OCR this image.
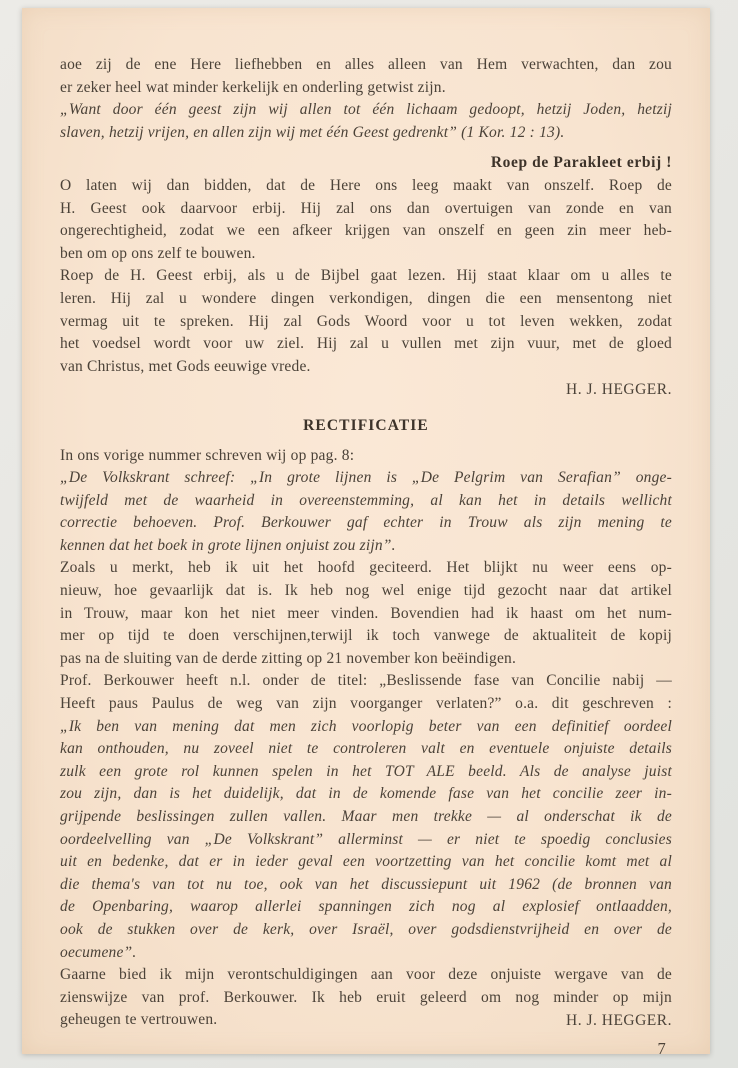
aoe zij de ene Here liefhebben en alles alleen van Hem verwachten, dan zou
er zeker heel wat minder kerkelijk en onderling getwist zijn.
„Want door één geest zijn wij allen tot één lichaam gedoopt, hetzij Joden, hetzij
slaven, hetzij vrijen, en allen zijn wij met één Geest gedrenkt” (1 Kor. 12 : 13).
Roep de Parakleet erbij !
O laten wij dan bidden, dat de Here ons leeg maakt van onszelf. Roep de
H. Geest ook daarvoor erbij. Hij zal ons dan overtuigen van zonde en van
ongerechtigheid, zodat we een afkeer krijgen van onszelf en geen zin meer heb-
ben om op ons zelf te bouwen.
Roep de H. Geest erbij, als u de Bijbel gaat lezen. Hij staat klaar om u alles te
leren. Hij zal u wondere dingen verkondigen, dingen die een mensentong niet
vermag uit te spreken. Hij zal Gods Woord voor u tot leven wekken, zodat
het voedsel wordt voor uw ziel. Hij zal u vullen met zijn vuur, met de gloed
van Christus, met Gods eeuwige vrede.
H. J. HEGGER.
RECTIFICATIE
In ons vorige nummer schreven wij op pag. 8:
„De Volkskrant schreef: „In grote lijnen is „De Pelgrim van Serafian” onge-
twijfeld met de waarheid in overeenstemming, al kan het in details wellicht
correctie behoeven. Prof. Berkouwer gaf echter in Trouw als zijn mening te
kennen dat het boek in grote lijnen onjuist zou zijn”.
Zoals u merkt, heb ik uit het hoofd geciteerd. Het blijkt nu weer eens op-
nieuw, hoe gevaarlijk dat is. Ik heb nog wel enige tijd gezocht naar dat artikel
in Trouw, maar kon het niet meer vinden. Bovendien had ik haast om het num-
mer op tijd te doen verschijnen,terwijl ik toch vanwege de aktualiteit de kopij
pas na de sluiting van de derde zitting op 21 november kon beëindigen.
Prof. Berkouwer heeft n.l. onder de titel: „Beslissende fase van Concilie nabij —
Heeft paus Paulus de weg van zijn voorganger verlaten?” o.a. dit geschreven :
„Ik ben van mening dat men zich voorlopig beter van een definitief oordeel
kan onthouden, nu zoveel niet te controleren valt en eventuele onjuiste details
zulk een grote rol kunnen spelen in het TOT ALE beeld. Als de analyse juist
zou zijn, dan is het duidelijk, dat in de komende fase van het concilie zeer in-
grijpende beslissingen zullen vallen. Maar men trekke — al onderschat ik de
oordeelvelling van „De Volkskrant” allerminst — er niet te spoedig conclusies
uit en bedenke, dat er in ieder geval een voortzetting van het concilie komt met al
die thema's van tot nu toe, ook van het discussiepunt uit 1962 (de bronnen van
de Openbaring, waarop allerlei spanningen zich nog al explosief ontlaadden,
ook de stukken over de kerk, over Israël, over godsdienstvrijheid en over de
oecumene”.
Gaarne bied ik mijn verontschuldigingen aan voor deze onjuiste wergave van de
zienswijze van prof. Berkouwer. Ik heb eruit geleerd om nog minder op mijn
geheugen te vertrouwen.	H. J. HEGGER.
7
